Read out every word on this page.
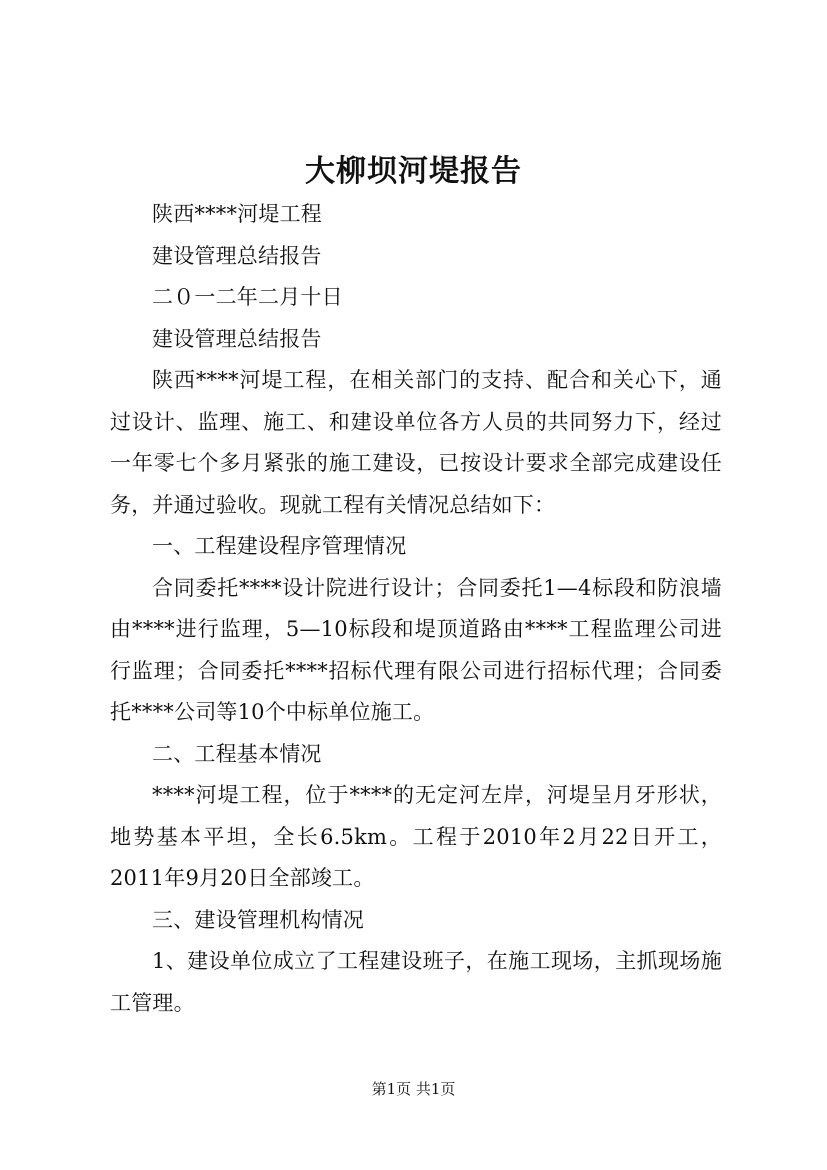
大柳坝河堤报告

陕西****河堤工程

建设管理总结报告

二０一二年二月十日

建设管理总结报告

陕西****河堤工程，在相关部门的支持、配合和关心下，通过设计、监理、施工、和建设单位各方人员的共同努力下，经过一年零七个多月紧张的施工建设，已按设计要求全部完成建设任务，并通过验收。现就工程有关情况总结如下：

一、工程建设程序管理情况

合同委托****设计院进行设计；合同委托1—4标段和防浪墙由****进行监理，5—10标段和堤顶道路由****工程监理公司进行监理；合同委托****招标代理有限公司进行招标代理；合同委托****公司等10个中标单位施工。

二、工程基本情况

****河堤工程，位于****的无定河左岸，河堤呈月牙形状，地势基本平坦，全长6.5km。工程于2010年2月22日开工，2011年9月20日全部竣工。

三、建设管理机构情况

1、建设单位成立了工程建设班子，在施工现场，主抓现场施工管理。

第1页 共1页
